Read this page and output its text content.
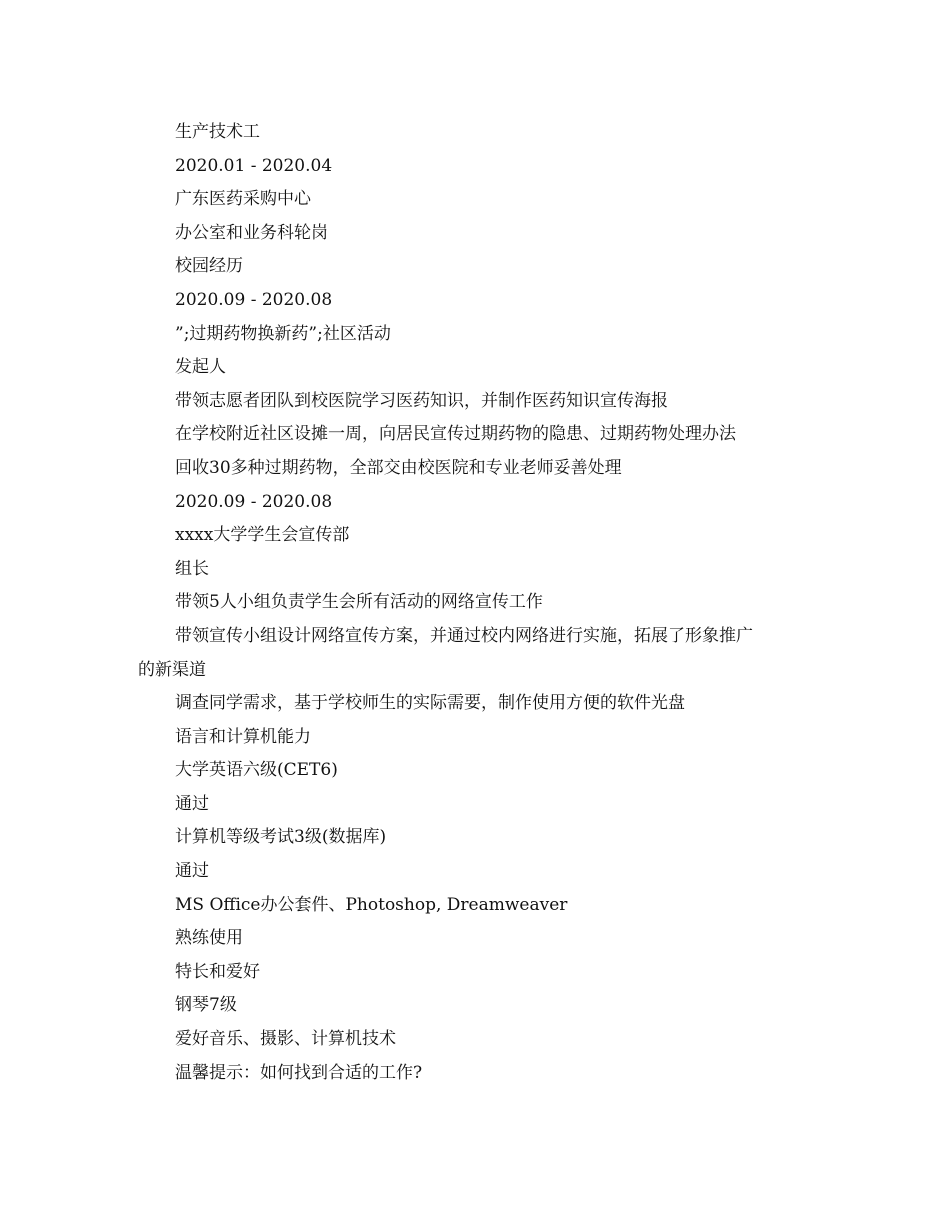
生产技术工
2020.01 - 2020.04
广东医药采购中心
办公室和业务科轮岗
校园经历
2020.09 - 2020.08
”;过期药物换新药”;社区活动
发起人
带领志愿者团队到校医院学习医药知识，并制作医药知识宣传海报
在学校附近社区设摊一周，向居民宣传过期药物的隐患、过期药物处理办法
回收30多种过期药物，全部交由校医院和专业老师妥善处理
2020.09 - 2020.08
xxxx大学学生会宣传部
组长
带领5人小组负责学生会所有活动的网络宣传工作
带领宣传小组设计网络宣传方案，并通过校内网络进行实施，拓展了形象推广
的新渠道
调查同学需求，基于学校师生的实际需要，制作使用方便的软件光盘
语言和计算机能力
大学英语六级(CET6)
通过
计算机等级考试3级(数据库)
通过
MS Office办公套件、Photoshop, Dreamweaver
熟练使用
特长和爱好
钢琴7级
爱好音乐、摄影、计算机技术
温馨提示：如何找到合适的工作?
